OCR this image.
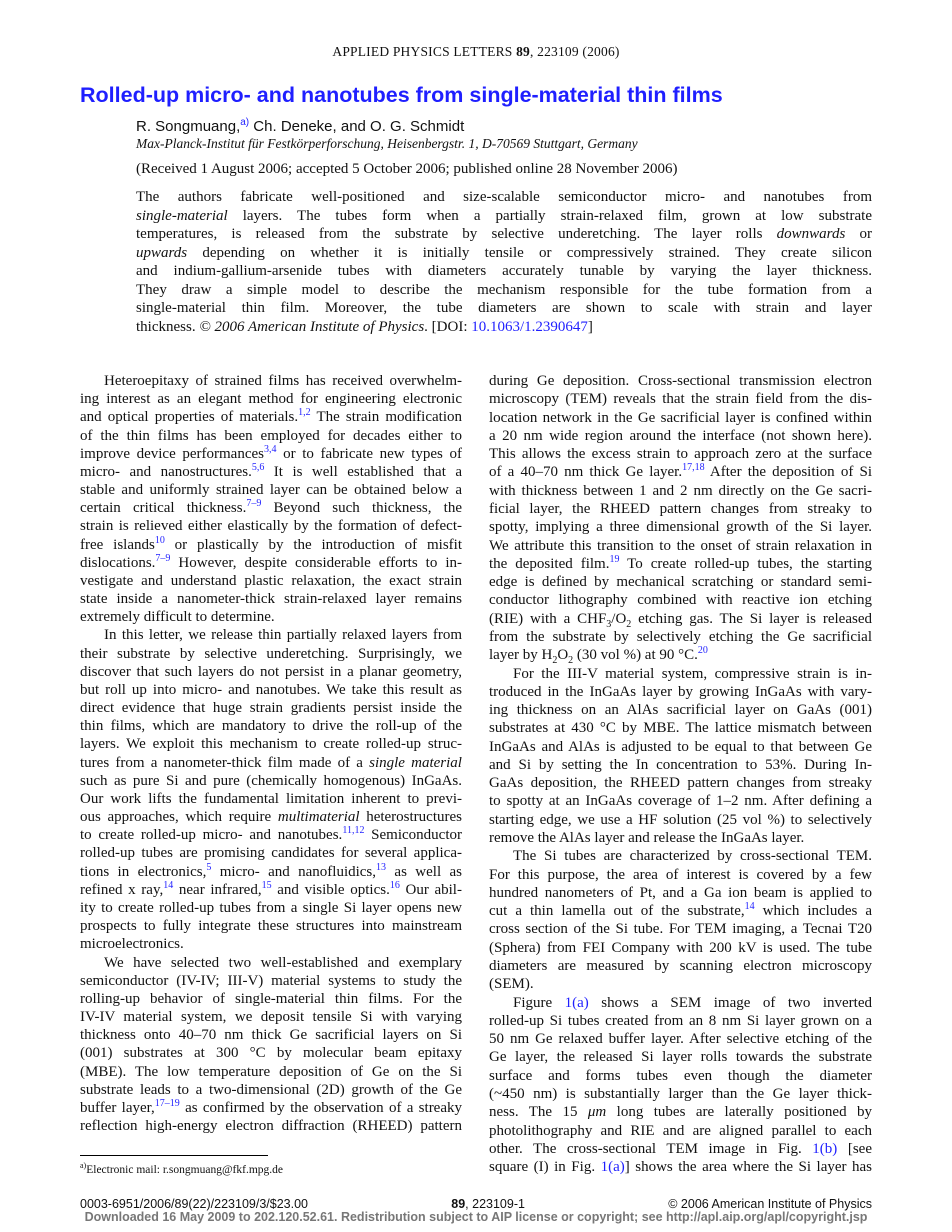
APPLIED PHYSICS LETTERS 89, 223109 (2006)
Rolled-up micro- and nanotubes from single-material thin films
R. Songmuang,$^{a)}$ Ch. Deneke, and O. G. Schmidt
Max-Planck-Institut für Festkörperforschung, Heisenbergstr. 1, D-70569 Stuttgart, Germany
(Received 1 August 2006; accepted 5 October 2006; published online 28 November 2006)
The authors fabricate well-positioned and size-scalable semiconductor micro- and nanotubes from
single-material layers. The tubes form when a partially strain-relaxed film, grown at low substrate
temperatures, is released from the substrate by selective underetching. The layer rolls downwards or
upwards depending on whether it is initially tensile or compressively strained. They create silicon
and indium-gallium-arsenide tubes with diameters accurately tunable by varying the layer thickness.
They draw a simple model to describe the mechanism responsible for the tube formation from a
single-material thin film. Moreover, the tube diameters are shown to scale with strain and layer
thickness. © 2006 American Institute of Physics. [DOI: 10.1063/1.2390647]
Heteroepitaxy of strained films has received overwhelm-
ing interest as an elegant method for engineering electronic
and optical properties of materials.$^{1,2}$ The strain modification
of the thin films has been employed for decades either to
improve device performances$^{3,4}$ or to fabricate new types of
micro- and nanostructures.$^{5,6}$ It is well established that a
stable and uniformly strained layer can be obtained below a
certain critical thickness.$^{7-9}$ Beyond such thickness, the
strain is relieved either elastically by the formation of defect-
free islands$^{10}$ or plastically by the introduction of misfit
dislocations.$^{7-9}$ However, despite considerable efforts to in-
vestigate and understand plastic relaxation, the exact strain
state inside a nanometer-thick strain-relaxed layer remains
extremely difficult to determine.
In this letter, we release thin partially relaxed layers from
their substrate by selective underetching. Surprisingly, we
discover that such layers do not persist in a planar geometry,
but roll up into micro- and nanotubes. We take this result as
direct evidence that huge strain gradients persist inside the
thin films, which are mandatory to drive the roll-up of the
layers. We exploit this mechanism to create rolled-up struc-
tures from a nanometer-thick film made of a single material
such as pure Si and pure (chemically homogenous) InGaAs.
Our work lifts the fundamental limitation inherent to previ-
ous approaches, which require multimaterial heterostructures
to create rolled-up micro- and nanotubes.$^{11,12}$ Semiconductor
rolled-up tubes are promising candidates for several applica-
tions in electronics,$^5$ micro- and nanofluidics,$^{13}$ as well as
refined x ray,$^{14}$ near infrared,$^{15}$ and visible optics.$^{16}$ Our abil-
ity to create rolled-up tubes from a single Si layer opens new
prospects to fully integrate these structures into mainstream
microelectronics.
We have selected two well-established and exemplary
semiconductor (IV-IV; III-V) material systems to study the
rolling-up behavior of single-material thin films. For the
IV-IV material system, we deposit tensile Si with varying
thickness onto 40–70 nm thick Ge sacrificial layers on Si
(001) substrates at 300 °C by molecular beam epitaxy
(MBE). The low temperature deposition of Ge on the Si
substrate leads to a two-dimensional (2D) growth of the Ge
buffer layer,$^{17-19}$ as confirmed by the observation of a streaky
reflection high-energy electron diffraction (RHEED) pattern
during Ge deposition. Cross-sectional transmission electron
microscopy (TEM) reveals that the strain field from the dis-
location network in the Ge sacrificial layer is confined within
a 20 nm wide region around the interface (not shown here).
This allows the excess strain to approach zero at the surface
of a 40–70 nm thick Ge layer.$^{17,18}$ After the deposition of Si
with thickness between 1 and 2 nm directly on the Ge sacri-
ficial layer, the RHEED pattern changes from streaky to
spotty, implying a three dimensional growth of the Si layer.
We attribute this transition to the onset of strain relaxation in
the deposited film.$^{19}$ To create rolled-up tubes, the starting
edge is defined by mechanical scratching or standard semi-
conductor lithography combined with reactive ion etching
(RIE) with a $CHF_3/O_2$ etching gas. The Si layer is released
from the substrate by selectively etching the Ge sacrificial
layer by $H_2O_2$ (30 vol %) at 90 °C.$^{20}$
For the III-V material system, compressive strain is in-
troduced in the InGaAs layer by growing InGaAs with vary-
ing thickness on an AlAs sacrificial layer on GaAs (001)
substrates at 430 °C by MBE. The lattice mismatch between
InGaAs and AlAs is adjusted to be equal to that between Ge
and Si by setting the In concentration to 53%. During In-
GaAs deposition, the RHEED pattern changes from streaky
to spotty at an InGaAs coverage of 1–2 nm. After defining a
starting edge, we use a HF solution (25 vol %) to selectively
remove the AlAs layer and release the InGaAs layer.
The Si tubes are characterized by cross-sectional TEM.
For this purpose, the area of interest is covered by a few
hundred nanometers of Pt, and a Ga ion beam is applied to
cut a thin lamella out of the substrate,$^{14}$ which includes a
cross section of the Si tube. For TEM imaging, a Tecnai T20
(Sphera) from FEI Company with 200 kV is used. The tube
diameters are measured by scanning electron microscopy
(SEM).
Figure 1(a) shows a SEM image of two inverted
rolled-up Si tubes created from an 8 nm Si layer grown on a
50 nm Ge relaxed buffer layer. After selective etching of the
Ge layer, the released Si layer rolls towards the substrate
surface and forms tubes even though the diameter
(~450 nm) is substantially larger than the Ge layer thick-
ness. The 15 μm long tubes are laterally positioned by
photolithography and RIE and are aligned parallel to each
other. The cross-sectional TEM image in Fig. 1(b) [see
square (I) in Fig. 1(a)] shows the area where the Si layer has
$^{a)}$Electronic mail: r.songmuang@fkf.mpg.de
0003-6951/2006/89(22)/223109/3/$23.00	89, 223109-1	© 2006 American Institute of Physics
Downloaded 16 May 2009 to 202.120.52.61. Redistribution subject to AIP license or copyright; see http://apl.aip.org/apl/copyright.jsp
